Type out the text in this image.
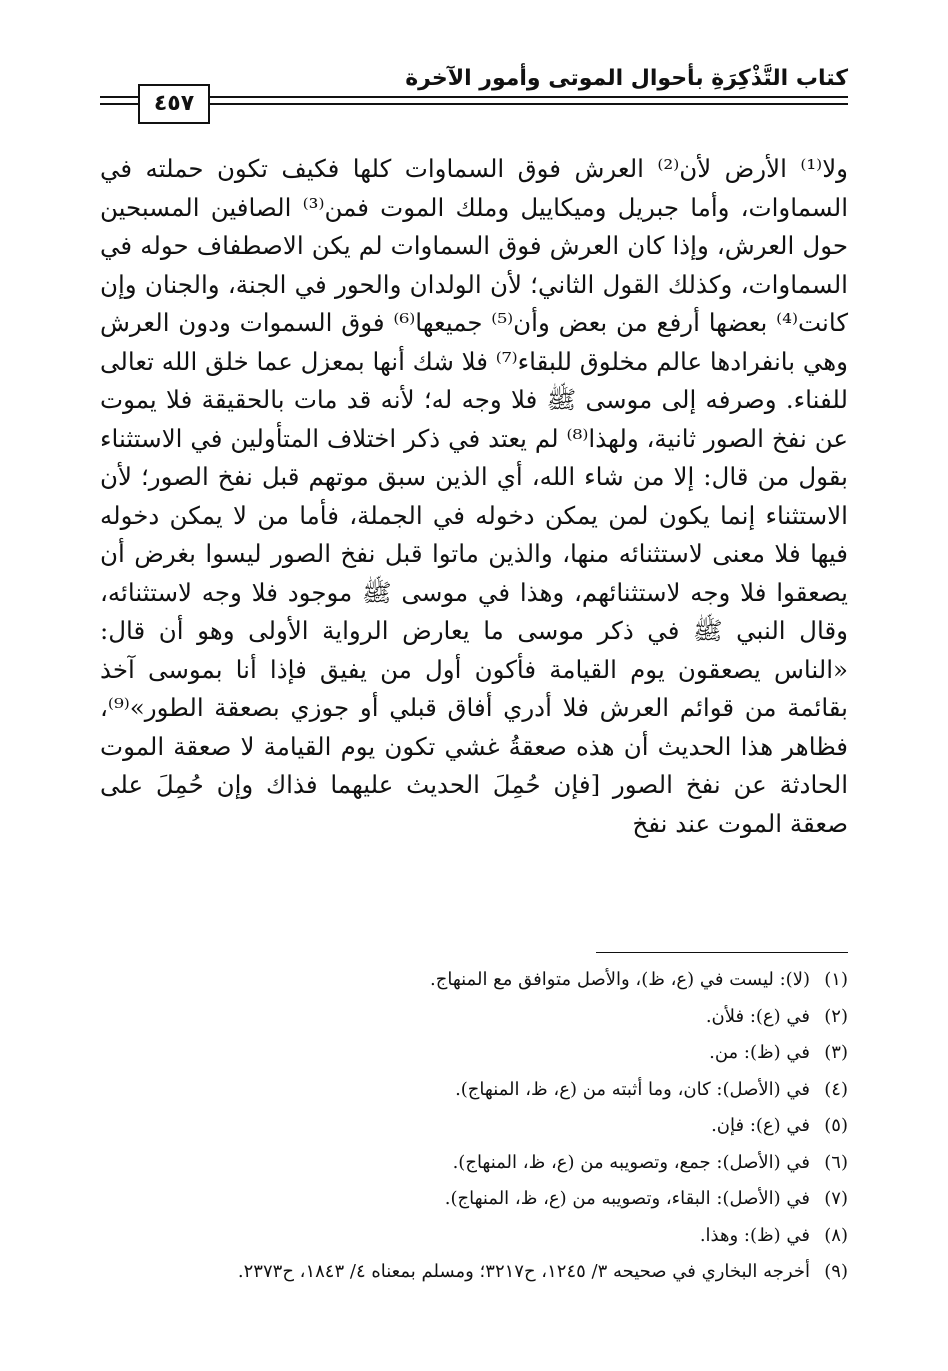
كتاب التَّذْكِرَةِ بأحوال الموتى وأمور الآخرة
٤٥٧

ولا⁽¹⁾ الأرض لأن⁽²⁾ العرش فوق السماوات كلها فكيف تكون حملته في السماوات، وأما جبريل وميكاييل وملك الموت فمن⁽³⁾ الصافين المسبحين حول العرش، وإذا كان العرش فوق السماوات لم يكن الاصطفاف حوله في السماوات، وكذلك القول الثاني؛ لأن الولدان والحور في الجنة، والجنان وإن كانت⁽⁴⁾ بعضها أرفع من بعض وأن⁽⁵⁾ جميعها⁽⁶⁾ فوق السموات ودون العرش وهي بانفرادها عالم مخلوق للبقاء⁽⁷⁾ فلا شك أنها بمعزل عما خلق الله تعالى للفناء. وصرفه إلى موسى ﷺ فلا وجه له؛ لأنه قد مات بالحقيقة فلا يموت عن نفخ الصور ثانية، ولهذا⁽⁸⁾ لم يعتد في ذكر اختلاف المتأولين في الاستثناء بقول من قال: إلا من شاء الله، أي الذين سبق موتهم قبل نفخ الصور؛ لأن الاستثناء إنما يكون لمن يمكن دخوله في الجملة، فأما من لا يمكن دخوله فيها فلا معنى لاستثنائه منها، والذين ماتوا قبل نفخ الصور ليسوا بغرض أن يصعقوا فلا وجه لاستثنائهم، وهذا في موسى ﷺ موجود فلا وجه لاستثنائه، وقال النبي ﷺ في ذكر موسى ما يعارض الرواية الأولى وهو أن قال: «الناس يصعقون يوم القيامة فأكون أول من يفيق فإذا أنا بموسى آخذ بقائمة من قوائم العرش فلا أدري أفاق قبلي أو جوزي بصعقة الطور»⁽⁹⁾، فظاهر هذا الحديث أن هذه صعقةُ غشي تكون يوم القيامة لا صعقة الموت الحادثة عن نفخ الصور [فإن حُمِلَ الحديث عليهما فذاك وإن حُمِلَ على صعقة الموت عند نفخ

(١)(لا): ليست في (ع، ظ)، والأصل متوافق مع المنهاج.
(٢)في (ع): فلأن.
(٣)في (ظ): من.
(٤)في (الأصل): كان، وما أثبته من (ع، ظ، المنهاج).
(٥)في (ع): فإن.
(٦)في (الأصل): جمع، وتصويبه من (ع، ظ، المنهاج).
(٧)في (الأصل): البقاء، وتصويبه من (ع، ظ، المنهاج).
(٨)في (ظ): وهذا.
(٩)أخرجه البخاري في صحيحه ٣/ ١٢٤٥، ح٣٢١٧؛ ومسلم بمعناه ٤/ ١٨٤٣، ح٢٣٧٣.
